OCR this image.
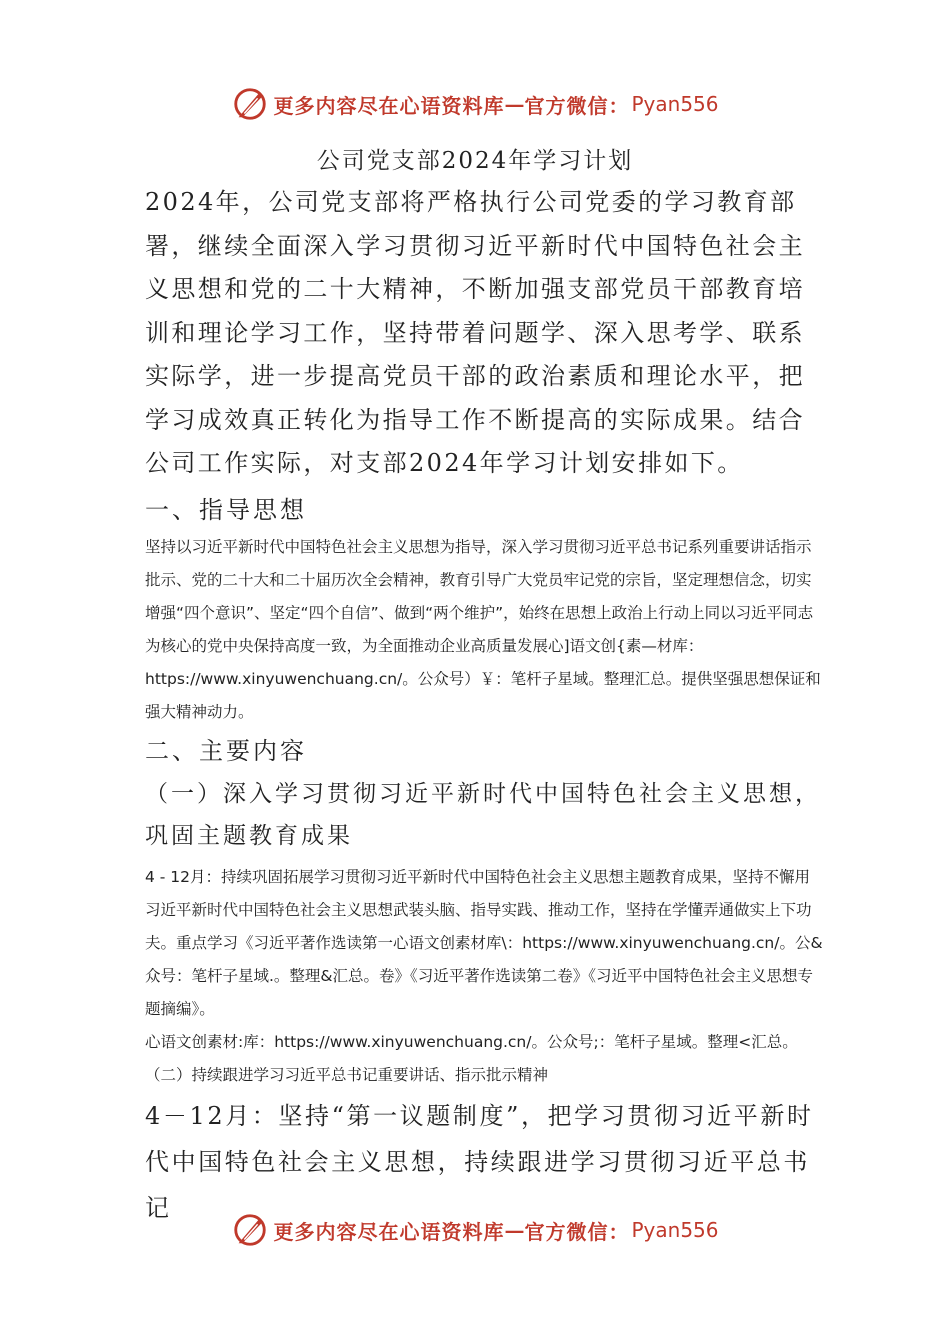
更多内容尽在心语资料库 — 官方微信： Pyan556
公司党支部2024年学习计划

2024年，公司党支部将严格执行公司党委的学习教育部署，继续全面深入学习贯彻习近平新时代中国特色社会主义思想和党的二十大精神，不断加强支部党员干部教育培训和理论学习工作，坚持带着问题学、深入思考学、联系实际学，进一步提高党员干部的政治素质和理论水平，把学习成效真正转化为指导工作不断提高的实际成果。结合公司工作实际，对支部2024年学习计划安排如下。

一、指导思想

坚持以习近平新时代中国特色社会主义思想为指导，深入学习贯彻习近平总书记系列重要讲话指示批示、党的二十大和二十届历次全会精神，教育引导广大党员牢记党的宗旨，坚定理想信念，切实增强“四个意识”、坚定“四个自信”、做到“两个维护”，始终在思想上政治上行动上同以习近平同志为核心的党中央保持高度一致，为全面推动企业高质量发展心]语文创{素—材库：https://www.xinyuwenchuang.cn/。公众号）￥：笔杆子星域。整理汇总。提供坚强思想保证和强大精神动力。

二、主要内容

（一）深入学习贯彻习近平新时代中国特色社会主义思想，巩固主题教育成果

4 - 12月：持续巩固拓展学习贯彻习近平新时代中国特色社会主义思想主题教育成果，坚持不懈用习近平新时代中国特色社会主义思想武装头脑、指导实践、推动工作，坚持在学懂弄通做实上下功夫。重点学习《习近平著作选读第一心语文创素材库\：https://www.xinyuwenchuang.cn/。公&众号：笔杆子星域.。整理&汇总。卷》《习近平著作选读第二卷》《习近平中国特色社会主义思想专题摘编》。

心语文创素材:库：https://www.xinyuwenchuang.cn/。公众号;：笔杆子星域。整理<汇总。（二）持续跟进学习习近平总书记重要讲话、指示批示精神

4－12月：坚持“第一议题制度”，把学习贯彻习近平新时代中国特色社会主义思想，持续跟进学习贯彻习近平总书记

更多内容尽在心语资料库 — 官方微信： Pyan556
